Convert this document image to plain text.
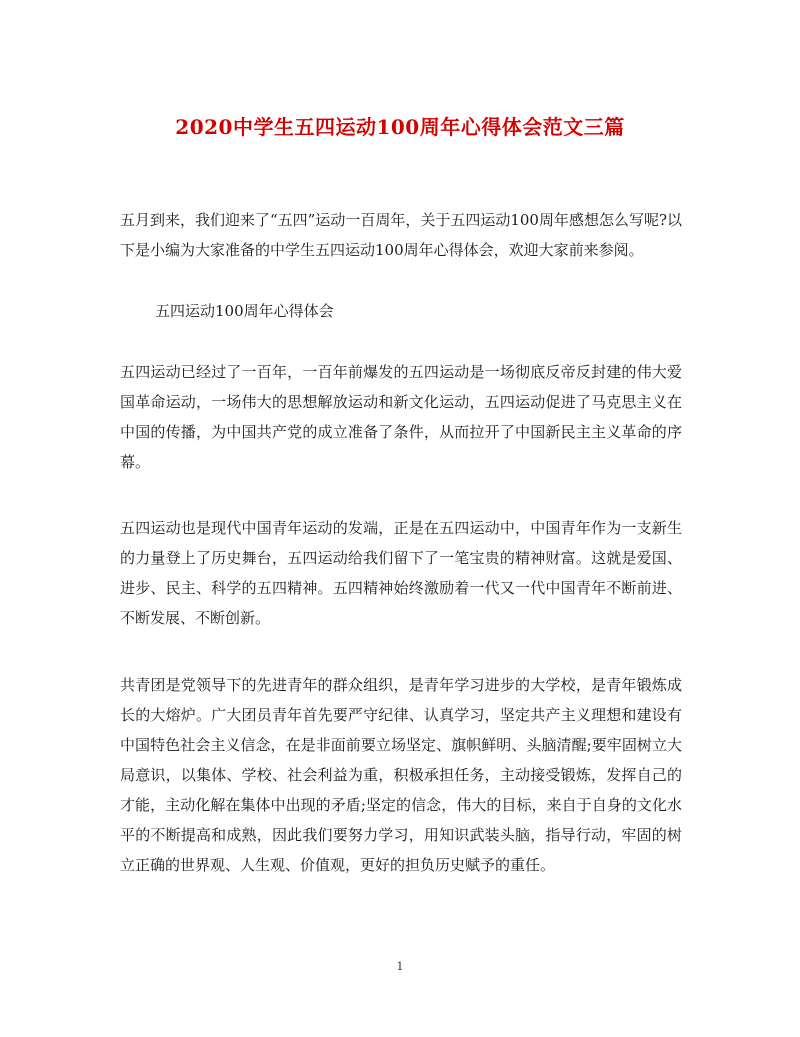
2020中学生五四运动100周年心得体会范文三篇
五月到来，我们迎来了“五四”运动一百周年，关于五四运动100周年感想怎么写呢?以下是小编为大家准备的中学生五四运动100周年心得体会，欢迎大家前来参阅。
五四运动100周年心得体会
五四运动已经过了一百年，一百年前爆发的五四运动是一场彻底反帝反封建的伟大爱国革命运动，一场伟大的思想解放运动和新文化运动，五四运动促进了马克思主义在中国的传播，为中国共产党的成立准备了条件，从而拉开了中国新民主主义革命的序幕。
五四运动也是现代中国青年运动的发端，正是在五四运动中，中国青年作为一支新生的力量登上了历史舞台，五四运动给我们留下了一笔宝贵的精神财富。这就是爱国、进步、民主、科学的五四精神。五四精神始终激励着一代又一代中国青年不断前进、不断发展、不断创新。
共青团是党领导下的先进青年的群众组织，是青年学习进步的大学校，是青年锻炼成长的大熔炉。广大团员青年首先要严守纪律、认真学习，坚定共产主义理想和建设有中国特色社会主义信念，在是非面前要立场坚定、旗帜鲜明、头脑清醒;要牢固树立大局意识，以集体、学校、社会利益为重，积极承担任务，主动接受锻炼，发挥自己的才能，主动化解在集体中出现的矛盾;坚定的信念，伟大的目标，来自于自身的文化水平的不断提高和成熟，因此我们要努力学习，用知识武装头脑，指导行动，牢固的树立正确的世界观、人生观、价值观，更好的担负历史赋予的重任。
1
